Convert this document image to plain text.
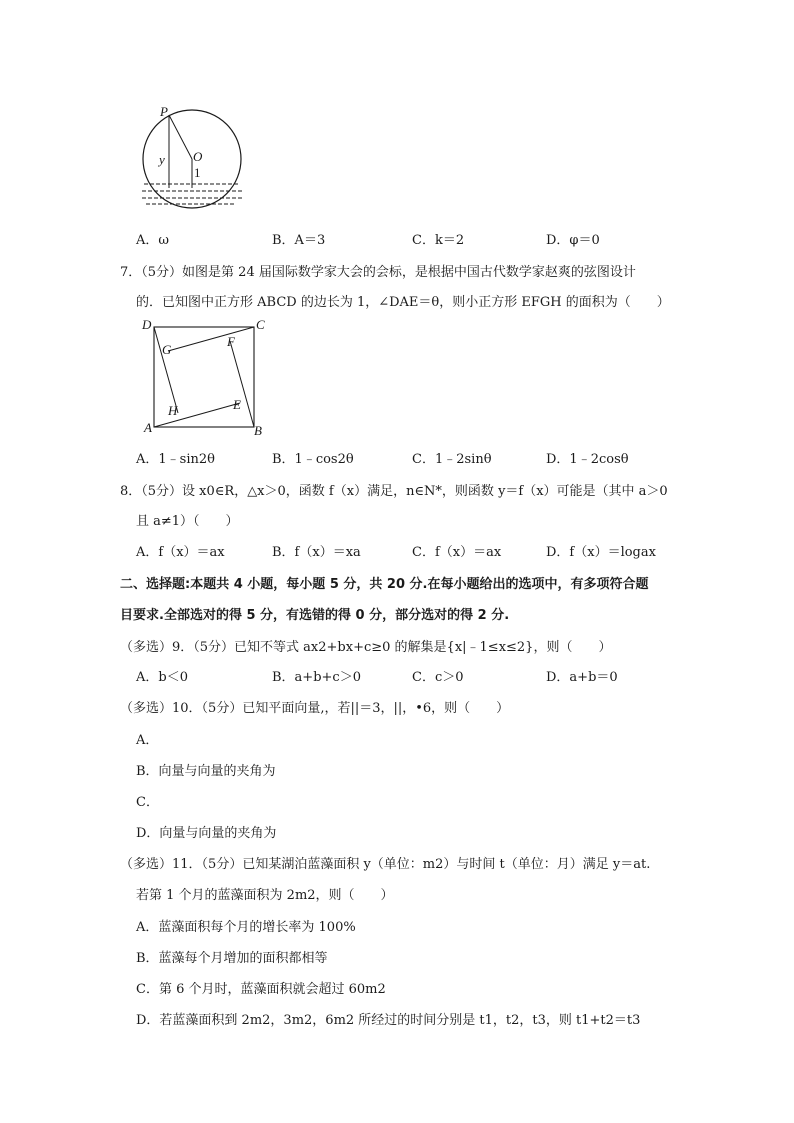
P
O
y
1
A．ω	B．A＝3	C．k＝2	D．φ＝0
7．（5分）如图是第 24 届国际数学家大会的会标，是根据中国古代数学家赵爽的弦图设计
的．已知图中正方形 ABCD 的边长为 1，∠DAE＝θ，则小正方形 EFGH 的面积为（　　）
D	C
G
F
H	E
A	B
A．1﹣sin2θ	B．1﹣cos2θ	C．1﹣2sinθ	D．1﹣2cosθ
8．（5分）设 x0∈R，△x＞0，函数 f（x）满足，n∈N*，则函数 y＝f（x）可能是（其中 a＞0
且 a≠1）（　　）
A．f（x）＝ax	B．f（x）＝xa	C．f（x）＝ax	D．f（x）＝logax
二、选择题:本题共 4 小题，每小题 5 分，共 20 分.在每小题给出的选项中，有多项符合题
目要求.全部选对的得 5 分，有选错的得 0 分，部分选对的得 2 分.
（多选）9．（5分）已知不等式 ax2+bx+c≥0 的解集是{x|﹣1≤x≤2}，则（　　）
A．b＜0	B．a+b+c＞0	C．c＞0	D．a+b＝0
（多选）10．（5分）已知平面向量,，若||＝3，||，•6，则（　　）
A．
B．向量与向量的夹角为
C．
D．向量与向量的夹角为
（多选）11．（5分）已知某湖泊蓝藻面积 y（单位：m2）与时间 t（单位：月）满足 y＝at.
若第 1 个月的蓝藻面积为 2m2，则（　　）
A．蓝藻面积每个月的增长率为 100%
B．蓝藻每个月增加的面积都相等
C．第 6 个月时，蓝藻面积就会超过 60m2
D．若蓝藻面积到 2m2，3m2，6m2 所经过的时间分别是 t1，t2，t3，则 t1+t2＝t3
